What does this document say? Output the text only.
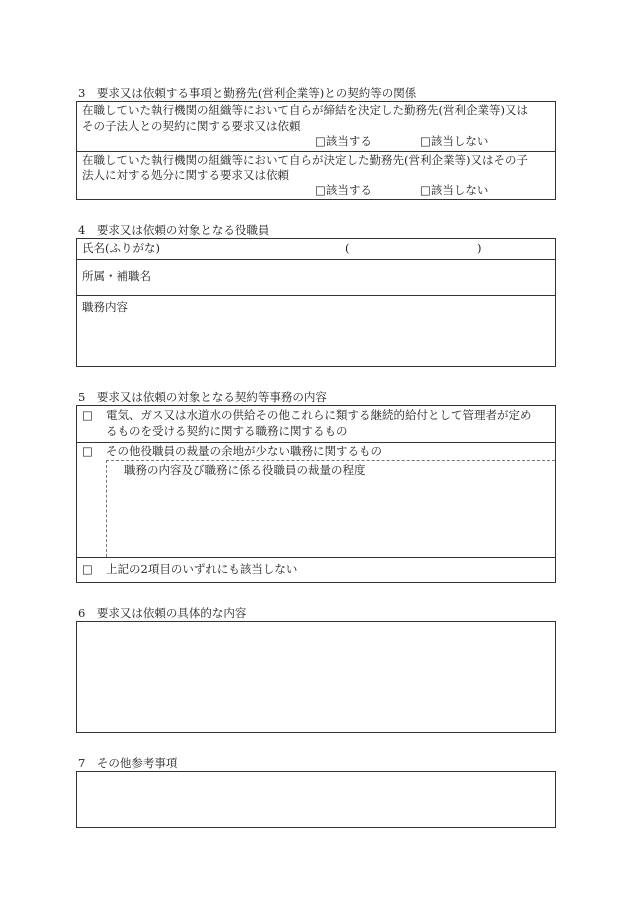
3　要求又は依頼する事項と勤務先(営利企業等)との契約等の関係
在職していた執行機関の組織等において自らが締結を決定した勤務先(営利企業等)又は
その子法人との契約に関する要求又は依頼
□該当する	□該当しない
在職していた執行機関の組織等において自らが決定した勤務先(営利企業等)又はその子
法人に対する処分に関する要求又は依頼
□該当する	□該当しない
4　要求又は依頼の対象となる役職員
氏名(ふりがな)	(	)
所属・補職名
職務内容
5　要求又は依頼の対象となる契約等事務の内容
□ 電気、ガス又は水道水の供給その他これらに類する継続的給付として管理者が定め
るものを受ける契約に関する職務に関するもの
□ その他役職員の裁量の余地が少ない職務に関するもの
職務の内容及び職務に係る役職員の裁量の程度
□ 上記の2項目のいずれにも該当しない
6　要求又は依頼の具体的な内容
7　その他参考事項
